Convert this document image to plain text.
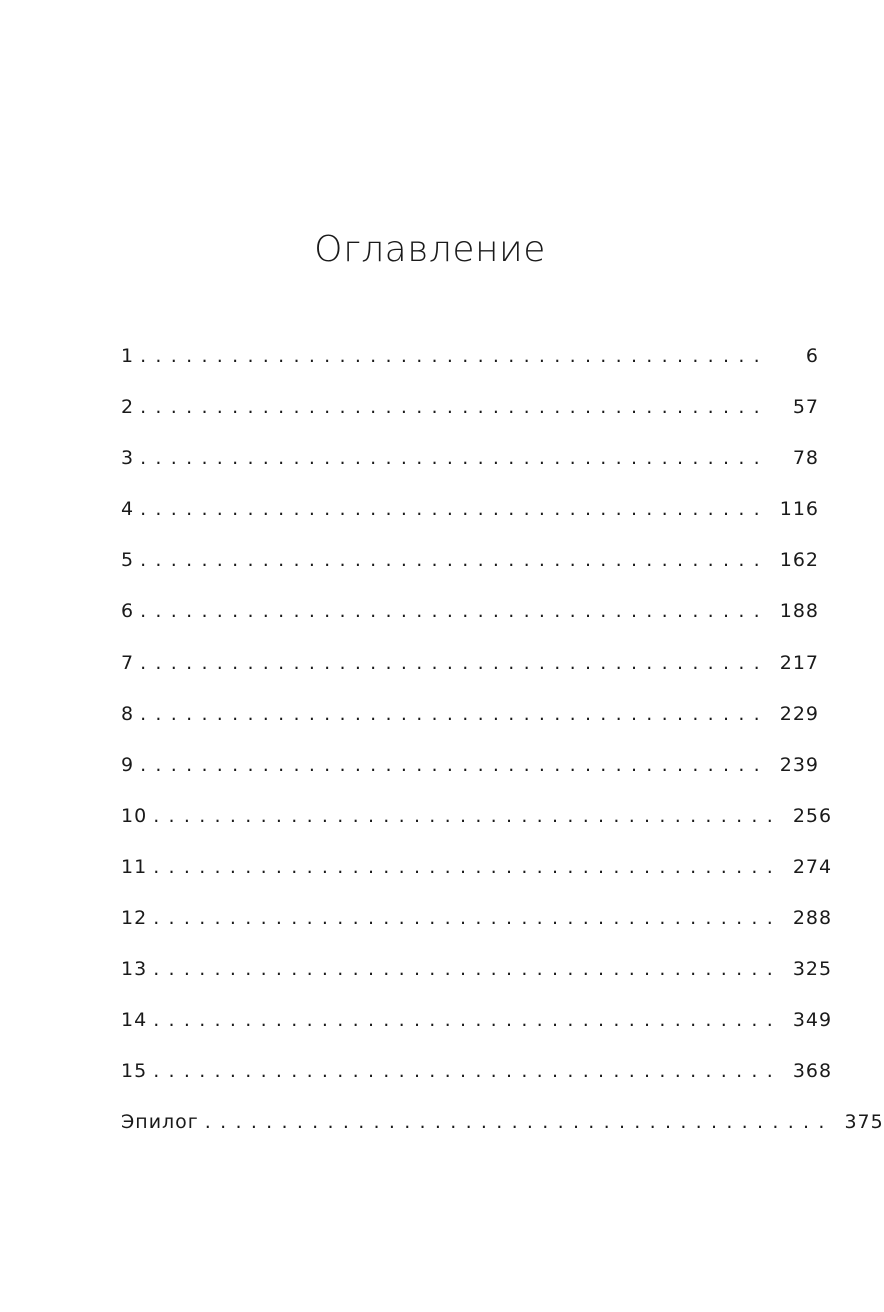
Оглавление
1 .........................................	6
2 .........................................	57
3 .........................................	78
4 ......................................... 116
5 ......................................... 162
6 ......................................... 188
7 ......................................... 217
8 ......................................... 229
9 ......................................... 239
10 ......................................... 256
11 ......................................... 274
12 ......................................... 288
13 ......................................... 325
14 ......................................... 349
15 ......................................... 368
Эпилог ......................................... 375
